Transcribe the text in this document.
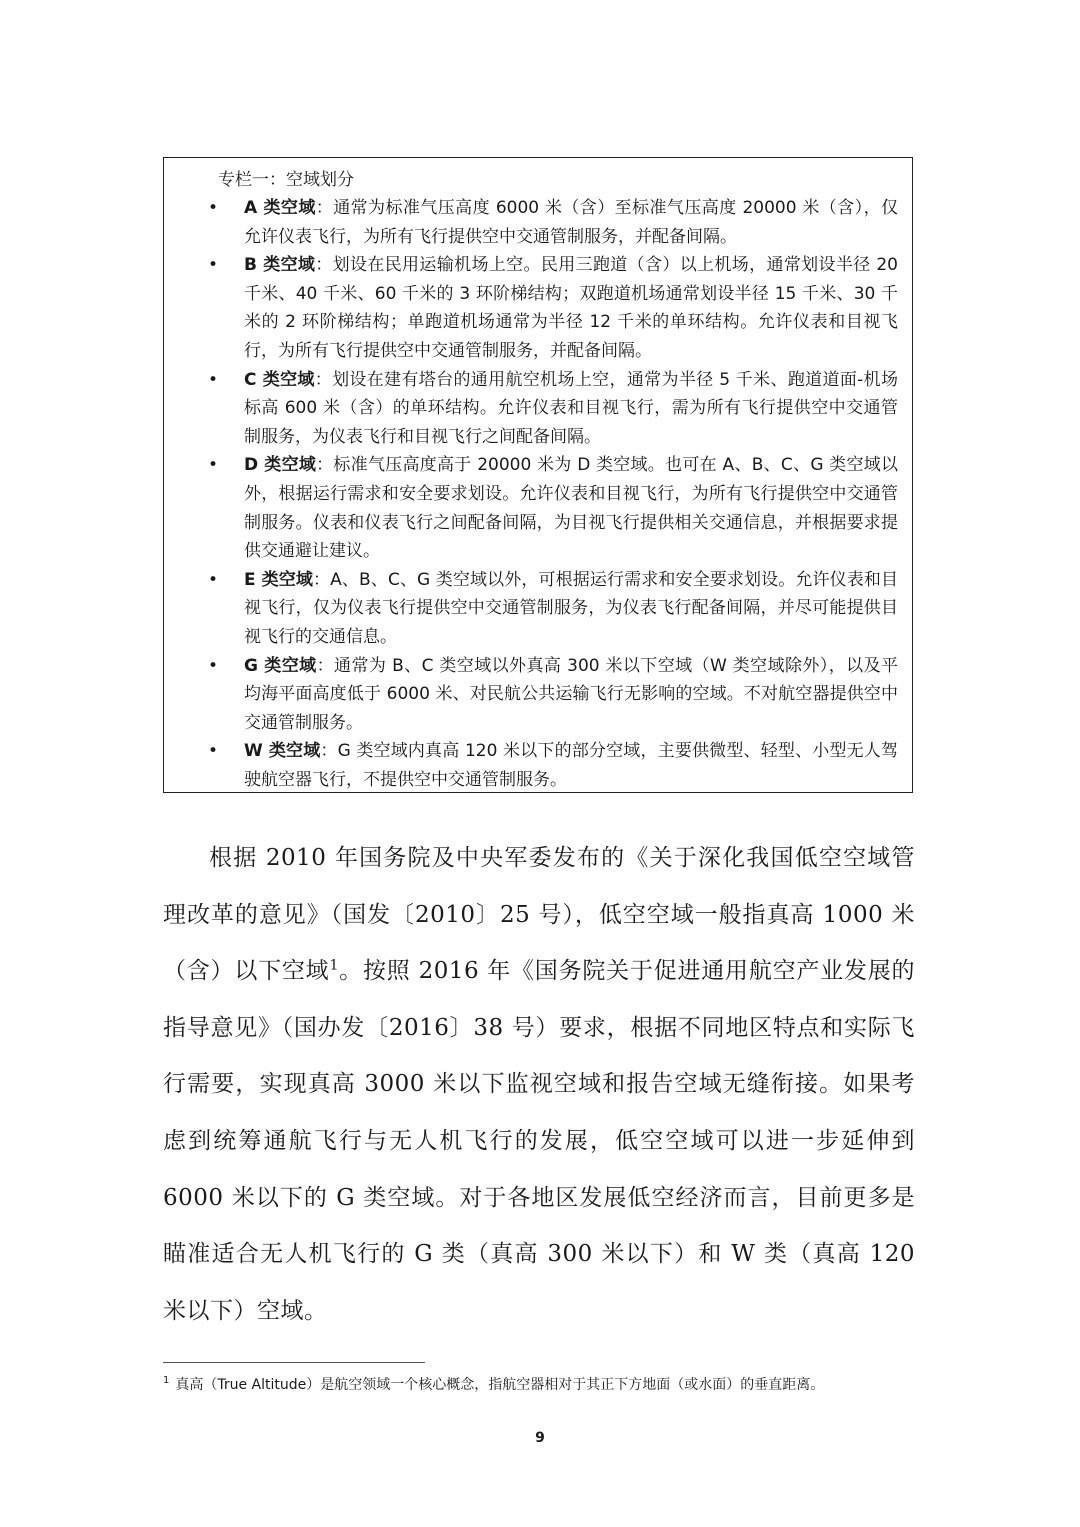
专栏一：空域划分

• A 类空域：通常为标准气压高度 6000 米（含）至标准气压高度 20000 米（含），仅允许仪表飞行，为所有飞行提供空中交通管制服务，并配备间隔。
• B 类空域：划设在民用运输机场上空。民用三跑道（含）以上机场，通常划设半径 20 千米、40 千米、60 千米的 3 环阶梯结构；双跑道机场通常划设半径 15 千米、30 千米的 2 环阶梯结构；单跑道机场通常为半径 12 千米的单环结构。允许仪表和目视飞行，为所有飞行提供空中交通管制服务，并配备间隔。
• C 类空域：划设在建有塔台的通用航空机场上空，通常为半径 5 千米、跑道道面-机场标高 600 米（含）的单环结构。允许仪表和目视飞行，需为所有飞行提供空中交通管制服务，为仪表飞行和目视飞行之间配备间隔。
• D 类空域：标准气压高度高于 20000 米为 D 类空域。也可在 A、B、C、G 类空域以外，根据运行需求和安全要求划设。允许仪表和目视飞行，为所有飞行提供空中交通管制服务。仪表和仪表飞行之间配备间隔，为目视飞行提供相关交通信息，并根据要求提供交通避让建议。
• E 类空域：A、B、C、G 类空域以外，可根据运行需求和安全要求划设。允许仪表和目视飞行，仅为仪表飞行提供空中交通管制服务，为仪表飞行配备间隔，并尽可能提供目视飞行的交通信息。
• G 类空域：通常为 B、C 类空域以外真高 300 米以下空域（W 类空域除外），以及平均海平面高度低于 6000 米、对民航公共运输飞行无影响的空域。不对航空器提供空中交通管制服务。
• W 类空域：G 类空域内真高 120 米以下的部分空域，主要供微型、轻型、小型无人驾驶航空器飞行，不提供空中交通管制服务。

根据 2010 年国务院及中央军委发布的《关于深化我国低空空域管理改革的意见》（国发〔2010〕25 号），低空空域一般指真高 1000 米（含）以下空域$^1$。按照 2016 年《国务院关于促进通用航空产业发展的指导意见》（国办发〔2016〕38 号）要求，根据不同地区特点和实际飞行需要，实现真高 3000 米以下监视空域和报告空域无缝衔接。如果考虑到统筹通航飞行与无人机飞行的发展，低空空域可以进一步延伸到 6000 米以下的 G 类空域。对于各地区发展低空经济而言，目前更多是瞄准适合无人机飞行的 G 类（真高 300 米以下）和 W 类（真高 120 米以下）空域。

$^1$ 真高（True Altitude）是航空领域一个核心概念，指航空器相对于其正下方地面（或水面）的垂直距离。
9
